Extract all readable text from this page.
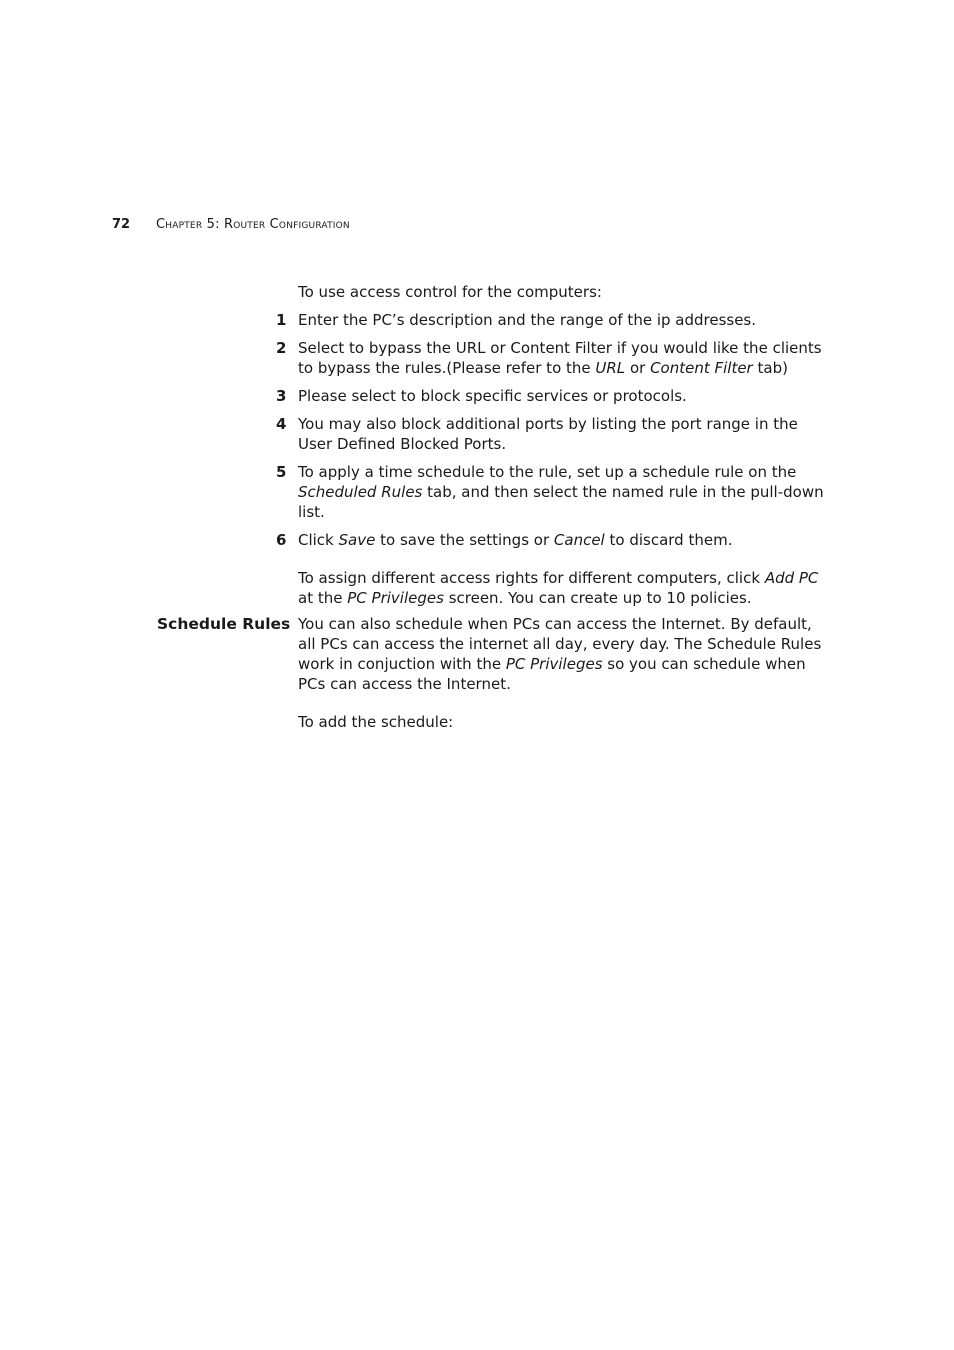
72 Chapter 5: Router Configuration

To use access control for the computers:

1 Enter the PC’s description and the range of the ip addresses.
2 Select to bypass the URL or Content Filter if you would like the clients to bypass the rules.(Please refer to the URL or Content Filter tab)
3 Please select to block specific services or protocols.
4 You may also block additional ports by listing the port range in the User Defined Blocked Ports.
5 To apply a time schedule to the rule, set up a schedule rule on the Scheduled Rules tab, and then select the named rule in the pull-down list.
6 Click Save to save the settings or Cancel to discard them.

To assign different access rights for different computers, click Add PC at the PC Privileges screen. You can create up to 10 policies.

Schedule Rules You can also schedule when PCs can access the Internet. By default, all PCs can access the internet all day, every day. The Schedule Rules work in conjuction with the PC Privileges so you can schedule when PCs can access the Internet.

To add the schedule:
